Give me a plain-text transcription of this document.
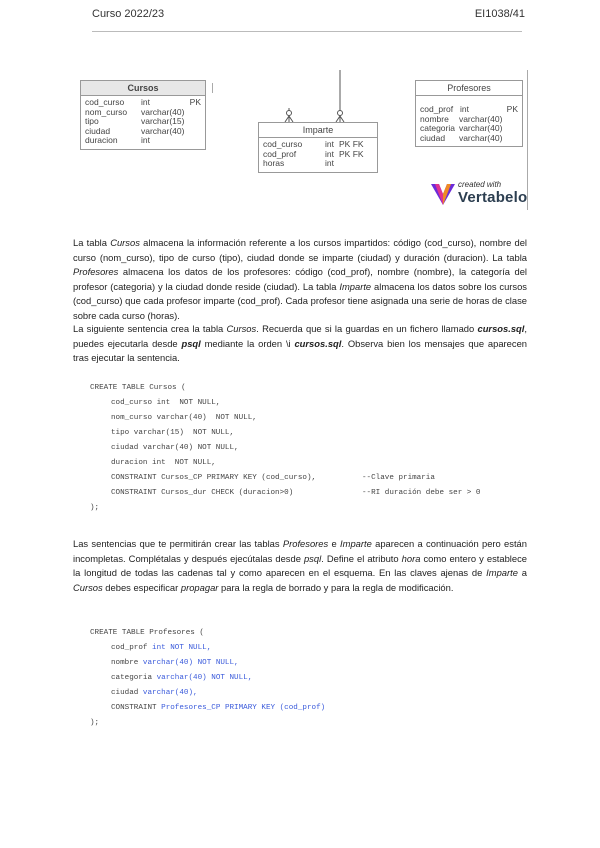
Curso 2022/23	EI1038/41
Cursos
cod_curso	int	PK
nom_curso	varchar(40)
tipo	varchar(15)
ciudad	varchar(40)
duracion	int
Imparte
cod_curso	int PK FK
cod_prof	int PK FK
horas	int
Profesores
cod_prof int	PK
nombre	varchar(40)
categoria varchar(40)
ciudad	varchar(40)
created with
Vertabelo
La tabla Cursos almacena la información referente a los cursos impartidos: código (cod_curso), nombre del curso (nom_curso), tipo de curso (tipo), ciudad donde se imparte (ciudad) y duración (duracion). La tabla Profesores almacena los datos de los profesores: código (cod_prof), nombre (nombre), la categoría del profesor (categoria) y la ciudad donde reside (ciudad). La tabla Imparte almacena los datos sobre los cursos (cod_curso) que cada profesor imparte (cod_prof). Cada profesor tiene asignada una serie de horas de clase sobre cada curso (horas).
La siguiente sentencia crea la tabla Cursos. Recuerda que si la guardas en un fichero llamado cursos.sql, puedes ejecutarla desde psql mediante la orden \i cursos.sql. Observa bien los mensajes que aparecen tras ejecutar la sentencia.

CREATE TABLE Cursos (

cod_curso int  NOT NULL,

nom_curso varchar(40)  NOT NULL,

tipo varchar(15)  NOT NULL,

ciudad varchar(40) NOT NULL,

duracion int  NOT NULL,

CONSTRAINT Cursos_CP PRIMARY KEY (cod_curso),

	--Clave primaria

CONSTRAINT Cursos_dur CHECK (duracion>0)

	--RI duración debe ser > 0

);

Las sentencias que te permitirán crear las tablas Profesores e Imparte aparecen a continuación pero están incompletas. Complétalas y después ejecútalas desde psql. Define el atributo hora como entero y establece la longitud de todas las cadenas tal y como aparecen en el esquema. En las claves ajenas de Imparte a Cursos debes especificar propagar para la regla de borrado y para la regla de modificación.

CREATE TABLE Profesores (

cod_prof int NOT NULL,

nombre varchar(40) NOT NULL,

categoria varchar(40) NOT NULL,

ciudad varchar(40),

CONSTRAINT Profesores_CP PRIMARY KEY (cod_prof)

);
